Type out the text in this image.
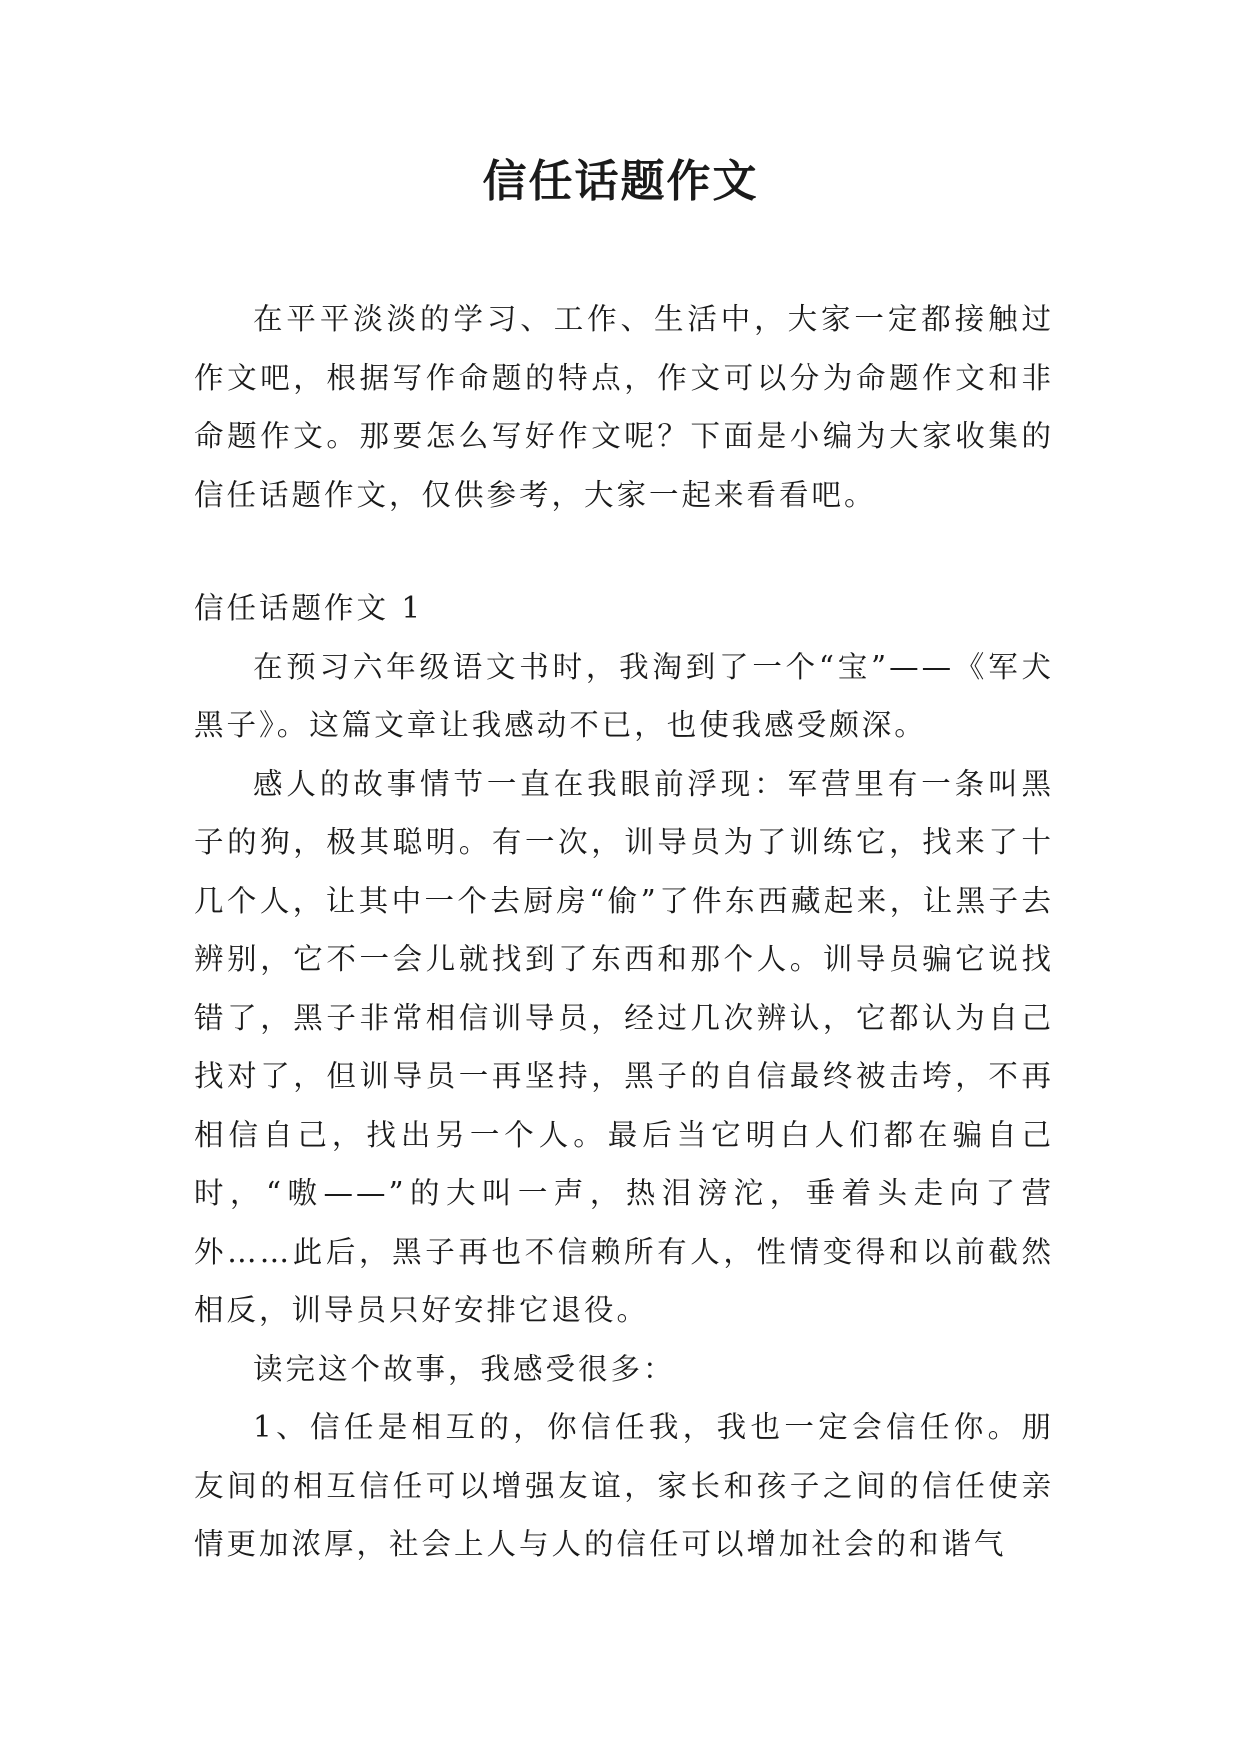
信任话题作文

在平平淡淡的学习、工作、生活中，大家一定都接触过作文吧，根据写作命题的特点，作文可以分为命题作文和非命题作文。那要怎么写好作文呢？下面是小编为大家收集的信任话题作文，仅供参考，大家一起来看看吧。

信任话题作文 1

在预习六年级语文书时，我淘到了一个“宝”——《军犬黑子》。这篇文章让我感动不已，也使我感受颇深。

感人的故事情节一直在我眼前浮现：军营里有一条叫黑子的狗，极其聪明。有一次，训导员为了训练它，找来了十几个人，让其中一个去厨房“偷”了件东西藏起来，让黑子去辨别，它不一会儿就找到了东西和那个人。训导员骗它说找错了，黑子非常相信训导员，经过几次辨认，它都认为自己找对了，但训导员一再坚持，黑子的自信最终被击垮，不再相信自己，找出另一个人。最后当它明白人们都在骗自己时，“嗷——”的大叫一声，热泪滂沱，垂着头走向了营外……此后，黑子再也不信赖所有人，性情变得和以前截然相反，训导员只好安排它退役。

读完这个故事，我感受很多：

1、信任是相互的，你信任我，我也一定会信任你。朋友间的相互信任可以增强友谊，家长和孩子之间的信任使亲情更加浓厚，社会上人与人的信任可以增加社会的和谐气
